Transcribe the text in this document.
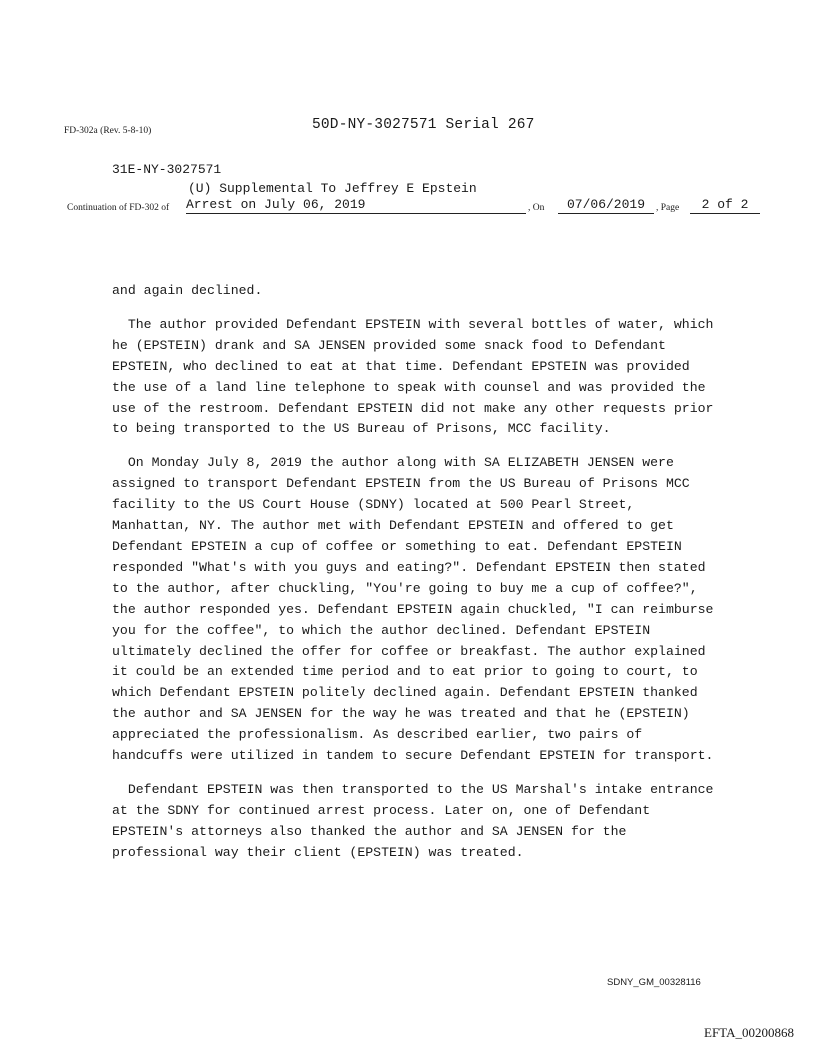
FD-302a (Rev. 5-8-10)	50D-NY-3027571 Serial 267
31E-NY-3027571
(U) Supplemental To Jeffrey E Epstein
Continuation of FD-302 of Arrest on July 06, 2019	, On	07/06/2019	, Page	2 of 2

and again declined.

The author provided Defendant EPSTEIN with several bottles of water, which
he (EPSTEIN) drank and SA JENSEN provided some snack food to Defendant
EPSTEIN, who declined to eat at that time. Defendant EPSTEIN was provided
the use of a land line telephone to speak with counsel and was provided the
use of the restroom. Defendant EPSTEIN did not make any other requests prior
to being transported to the US Bureau of Prisons, MCC facility.

On Monday July 8, 2019 the author along with SA ELIZABETH JENSEN were
assigned to transport Defendant EPSTEIN from the US Bureau of Prisons MCC
facility to the US Court House (SDNY) located at 500 Pearl Street,
Manhattan, NY. The author met with Defendant EPSTEIN and offered to get
Defendant EPSTEIN a cup of coffee or something to eat. Defendant EPSTEIN
responded "What's with you guys and eating?". Defendant EPSTEIN then stated
to the author, after chuckling, "You're going to buy me a cup of coffee?",
the author responded yes. Defendant EPSTEIN again chuckled, "I can reimburse
you for the coffee", to which the author declined. Defendant EPSTEIN
ultimately declined the offer for coffee or breakfast. The author explained
it could be an extended time period and to eat prior to going to court, to
which Defendant EPSTEIN politely declined again. Defendant EPSTEIN thanked
the author and SA JENSEN for the way he was treated and that he (EPSTEIN)
appreciated the professionalism. As described earlier, two pairs of
handcuffs were utilized in tandem to secure Defendant EPSTEIN for transport.

Defendant EPSTEIN was then transported to the US Marshal's intake entrance
at the SDNY for continued arrest process. Later on, one of Defendant
EPSTEIN's attorneys also thanked the author and SA JENSEN for the
professional way their client (EPSTEIN) was treated.

SDNY_GM_00328116
EFTA_00200868
